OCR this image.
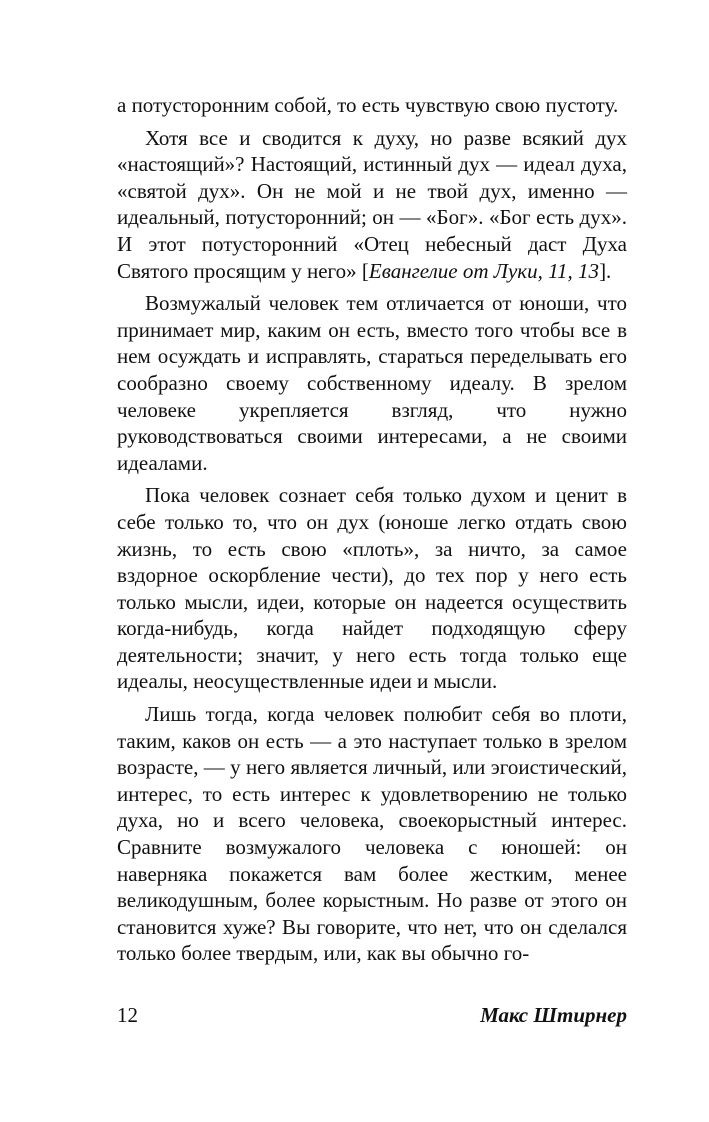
а потусторонним собой, то есть чувствую свою пустоту.

Хотя все и сводится к духу, но разве всякий дух «настоящий»? Настоящий, истинный дух — идеал духа, «святой дух». Он не мой и не твой дух, именно — идеальный, потусторонний; он — «Бог». «Бог есть дух». И этот потусторонний «Отец небесный даст Духа Святого просящим у него» [Евангелие от Луки, 11, 13].

Возмужалый человек тем отличается от юноши, что принимает мир, каким он есть, вместо того чтобы все в нем осуждать и исправлять, стараться переделывать его сообразно своему собственному идеалу. В зрелом человеке укрепляется взгляд, что нужно руководствоваться своими интересами, а не своими идеалами.

Пока человек сознает себя только духом и ценит в себе только то, что он дух (юноше легко отдать свою жизнь, то есть свою «плоть», за ничто, за самое вздорное оскорбление чести), до тех пор у него есть только мысли, идеи, которые он надеется осуществить когда-нибудь, когда найдет подходящую сферу деятельности; значит, у него есть тогда только еще идеалы, неосуществленные идеи и мысли.

Лишь тогда, когда человек полюбит себя во плоти, таким, каков он есть — а это наступает только в зрелом возрасте, — у него является личный, или эгоистический, интерес, то есть интерес к удовлетворению не только духа, но и всего человека, своекорыстный интерес. Сравните возмужалого человека с юношей: он наверняка покажется вам более жестким, менее великодушным, более корыстным. Но разве от этого он становится хуже? Вы говорите, что нет, что он сделался только более твердым, или, как вы обычно го-

12	Макс Штирнер
